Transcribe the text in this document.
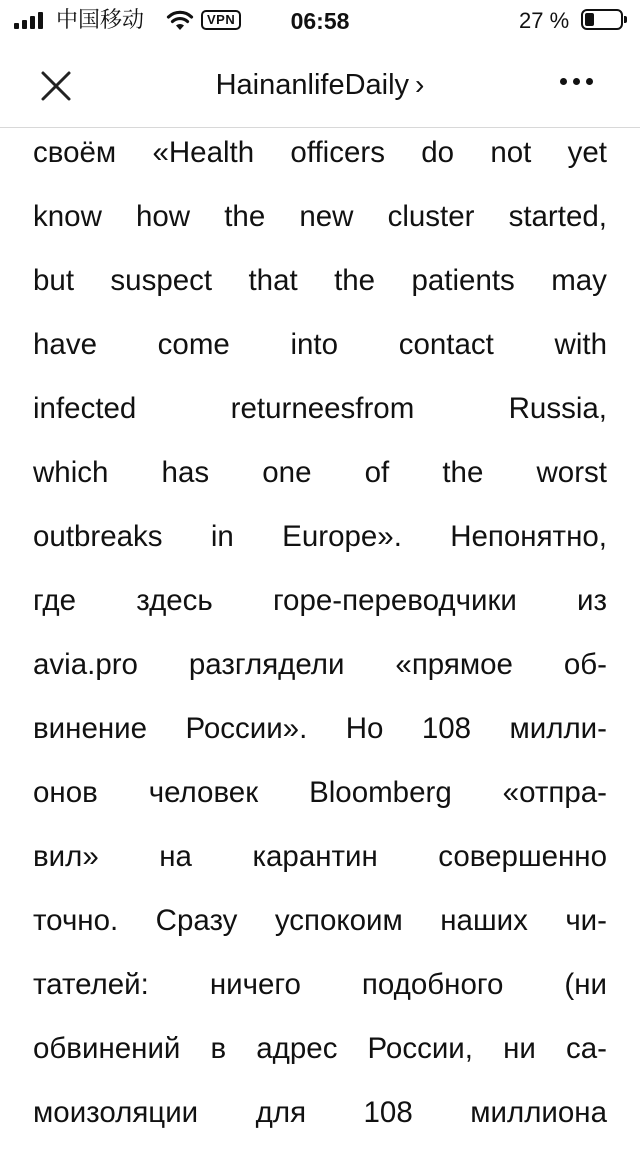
中国移动	VPN	06:58	27 %
HainanlifeDaily ›
своём «Health officers do not yet
know how the new cluster started,
but suspect that the patients may
have come into contact with
infected	returneesfrom	Russia,
which has one of the worst
outbreaks in Europe». Непонятно,
где здесь горе-переводчики из
avia.pro разглядели «прямое об-
винение России». Но 108 милли-
онов человек Bloomberg «отпра-
вил» на карантин совершенно
точно. Сразу успокоим наших чи-
тателей: ничего подобного (ни
обвинений в адрес России, ни са-
моизоляции для 108 миллиона
